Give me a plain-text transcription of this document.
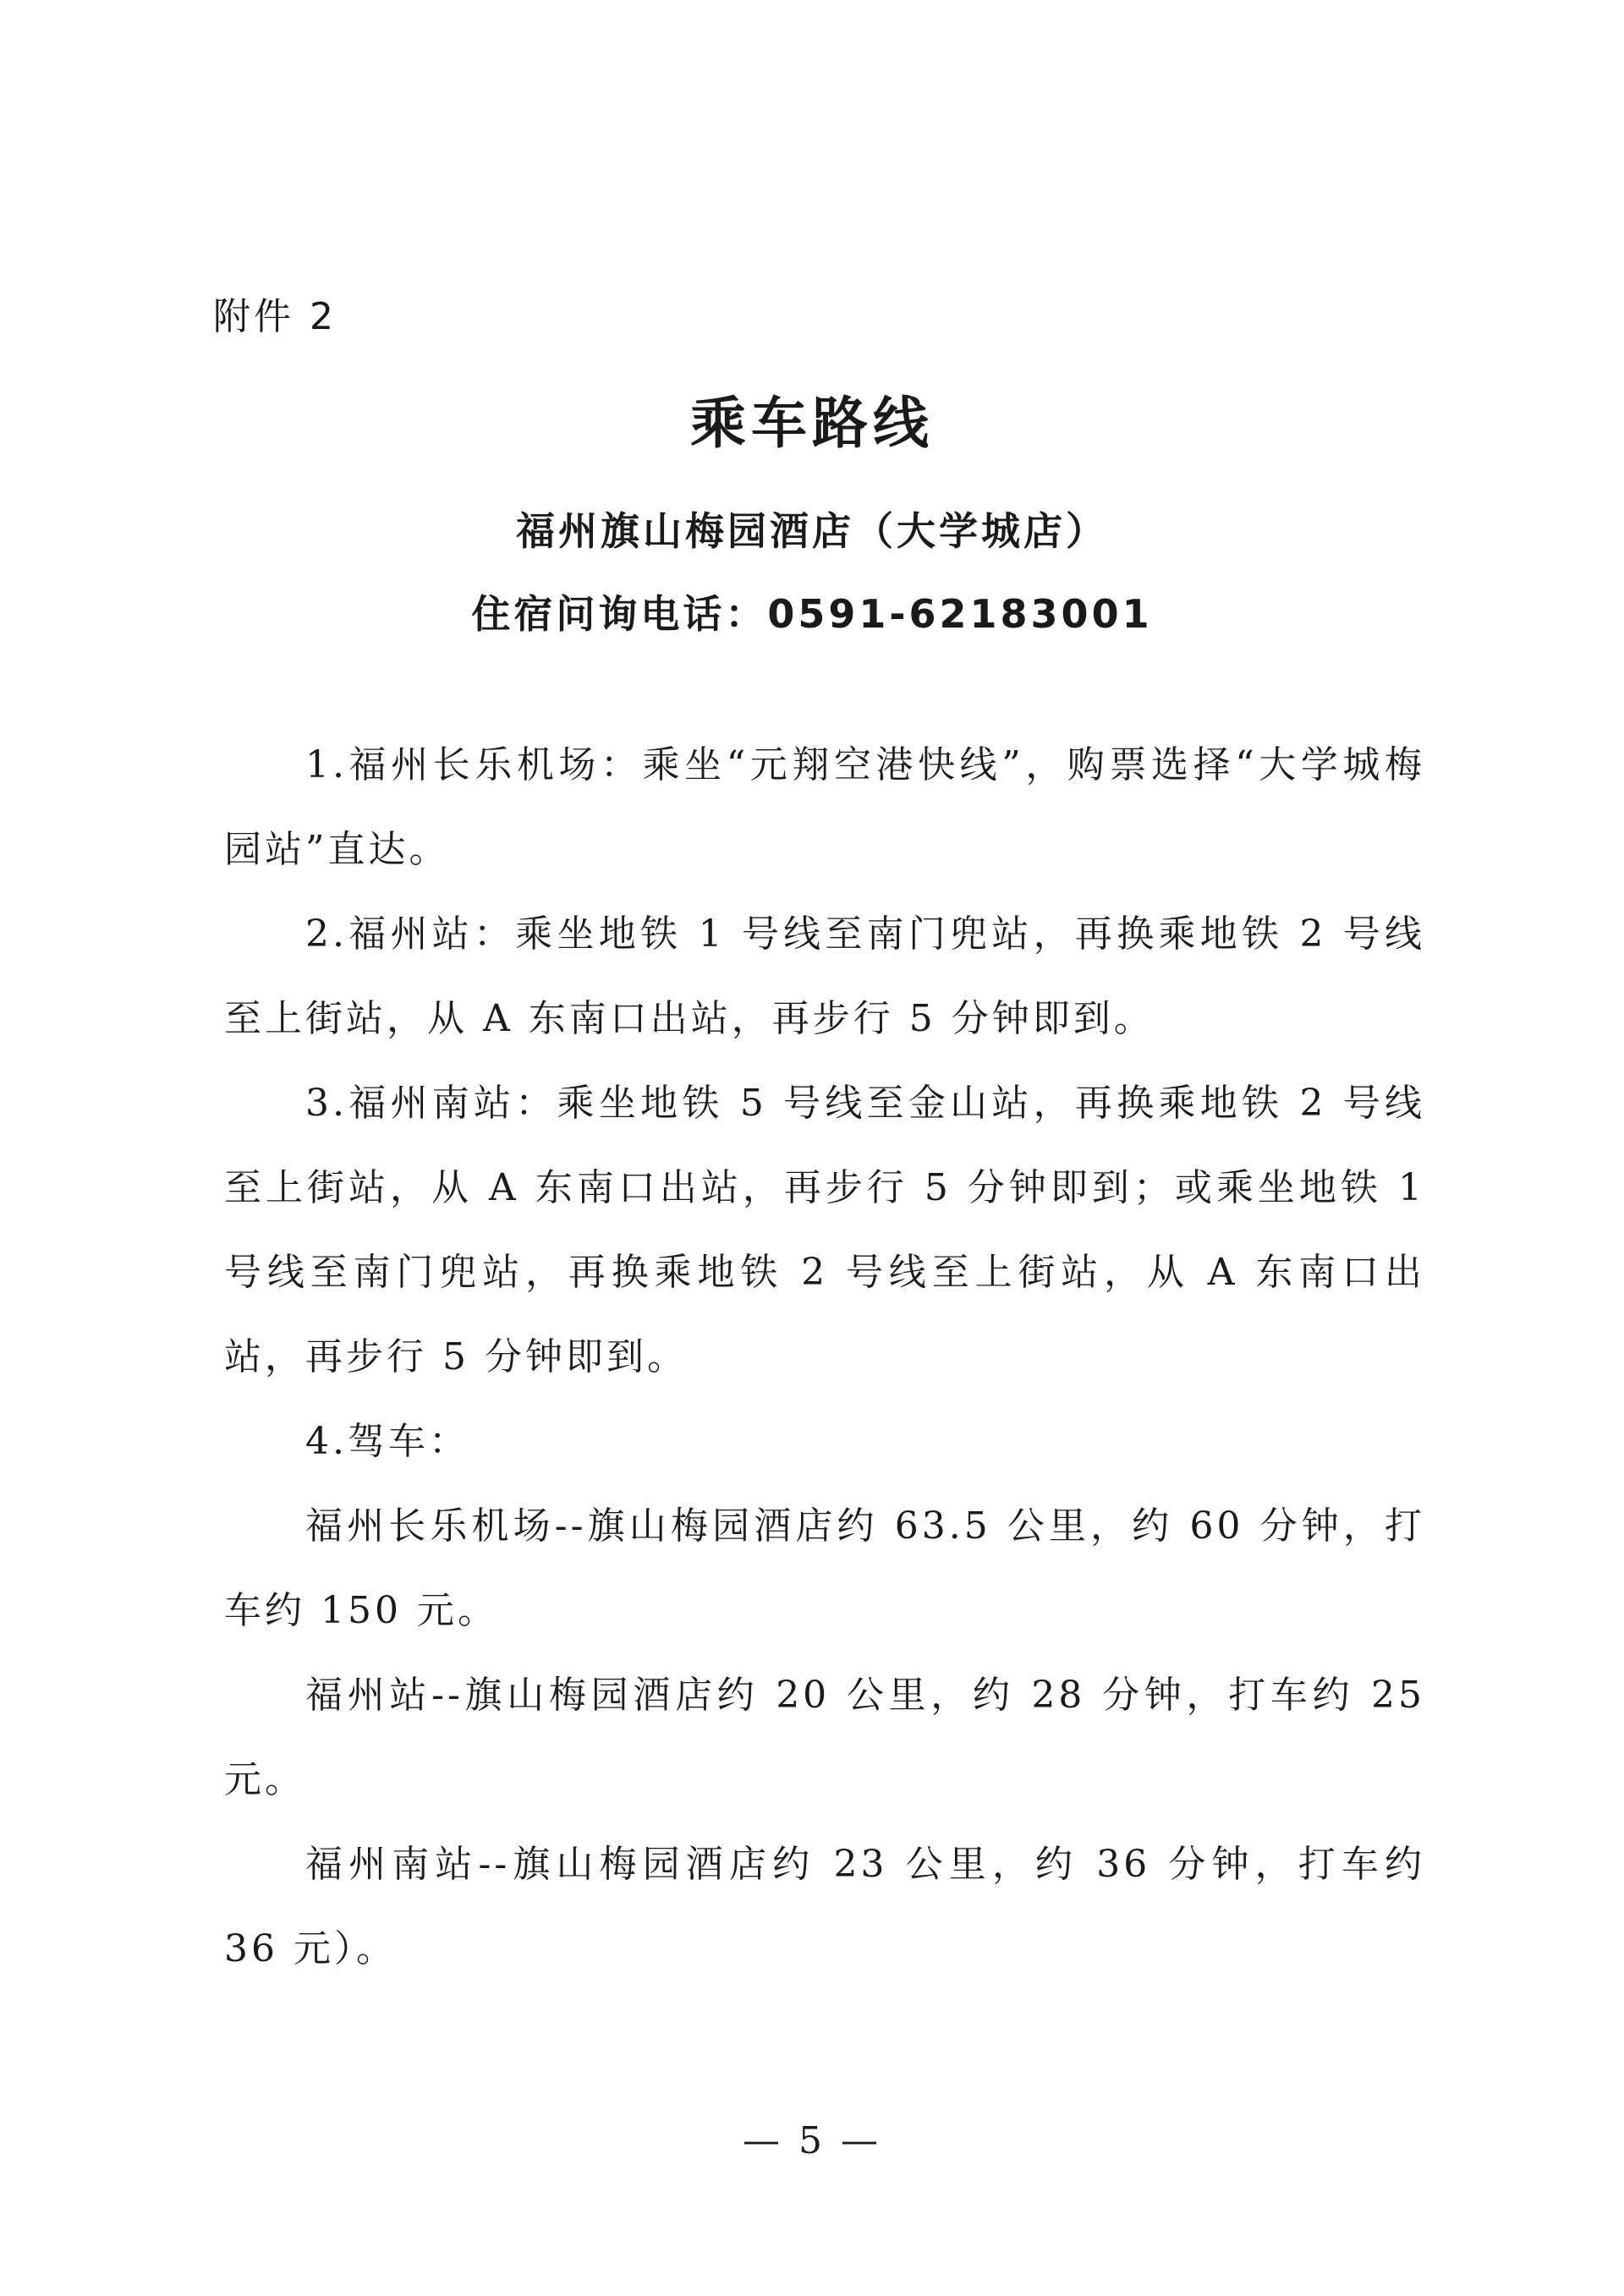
附件 2
乘车路线
福州旗山梅园酒店（大学城店）
住宿问询电话：0591-62183001

1.福州长乐机场：乘坐“元翔空港快线”，购票选择“大学城梅园站”直达。

2.福州站：乘坐地铁 1 号线至南门兜站，再换乘地铁 2 号线至上街站，从 A 东南口出站，再步行 5 分钟即到。

3.福州南站：乘坐地铁 5 号线至金山站，再换乘地铁 2 号线至上街站，从 A 东南口出站，再步行 5 分钟即到；或乘坐地铁 1 号线至南门兜站，再换乘地铁 2 号线至上街站，从 A 东南口出站，再步行 5 分钟即到。

4.驾车：

福州长乐机场--旗山梅园酒店约 63.5 公里，约 60 分钟，打车约 150 元。

福州站--旗山梅园酒店约 20 公里，约 28 分钟，打车约 25 元。

福州南站--旗山梅园酒店约 23 公里，约 36 分钟，打车约 36 元）。

— 5 —
